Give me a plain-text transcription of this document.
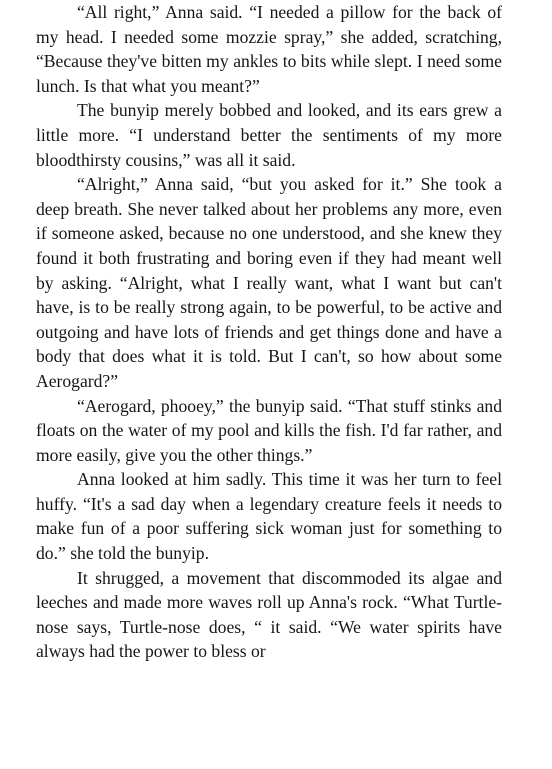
“All right,” Anna said. “I needed a pillow for the back of my head. I needed some mozzie spray,” she added, scratching, “Because they've bitten my ankles to bits while slept. I need some lunch. Is that what you meant?”

The bunyip merely bobbed and looked, and its ears grew a little more. “I understand better the sentiments of my more bloodthirsty cousins,” was all it said.

“Alright,” Anna said, “but you asked for it.” She took a deep breath. She never talked about her problems any more, even if someone asked, because no one understood, and she knew they found it both frustrating and boring even if they had meant well by asking. “Alright, what I really want, what I want but can't have, is to be really strong again, to be powerful, to be active and outgoing and have lots of friends and get things done and have a body that does what it is told. But I can't, so how about some Aerogard?”

“Aerogard, phooey,” the bunyip said. “That stuff stinks and floats on the water of my pool and kills the fish. I'd far rather, and more easily, give you the other things.”

Anna looked at him sadly. This time it was her turn to feel huffy. “It's a sad day when a legendary creature feels it needs to make fun of a poor suffering sick woman just for something to do.” she told the bunyip.

It shrugged, a movement that discommoded its algae and leeches and made more waves roll up Anna's rock. “What Turtle-nose says, Turtle-nose does, “ it said. “We water spirits have always had the power to bless or
